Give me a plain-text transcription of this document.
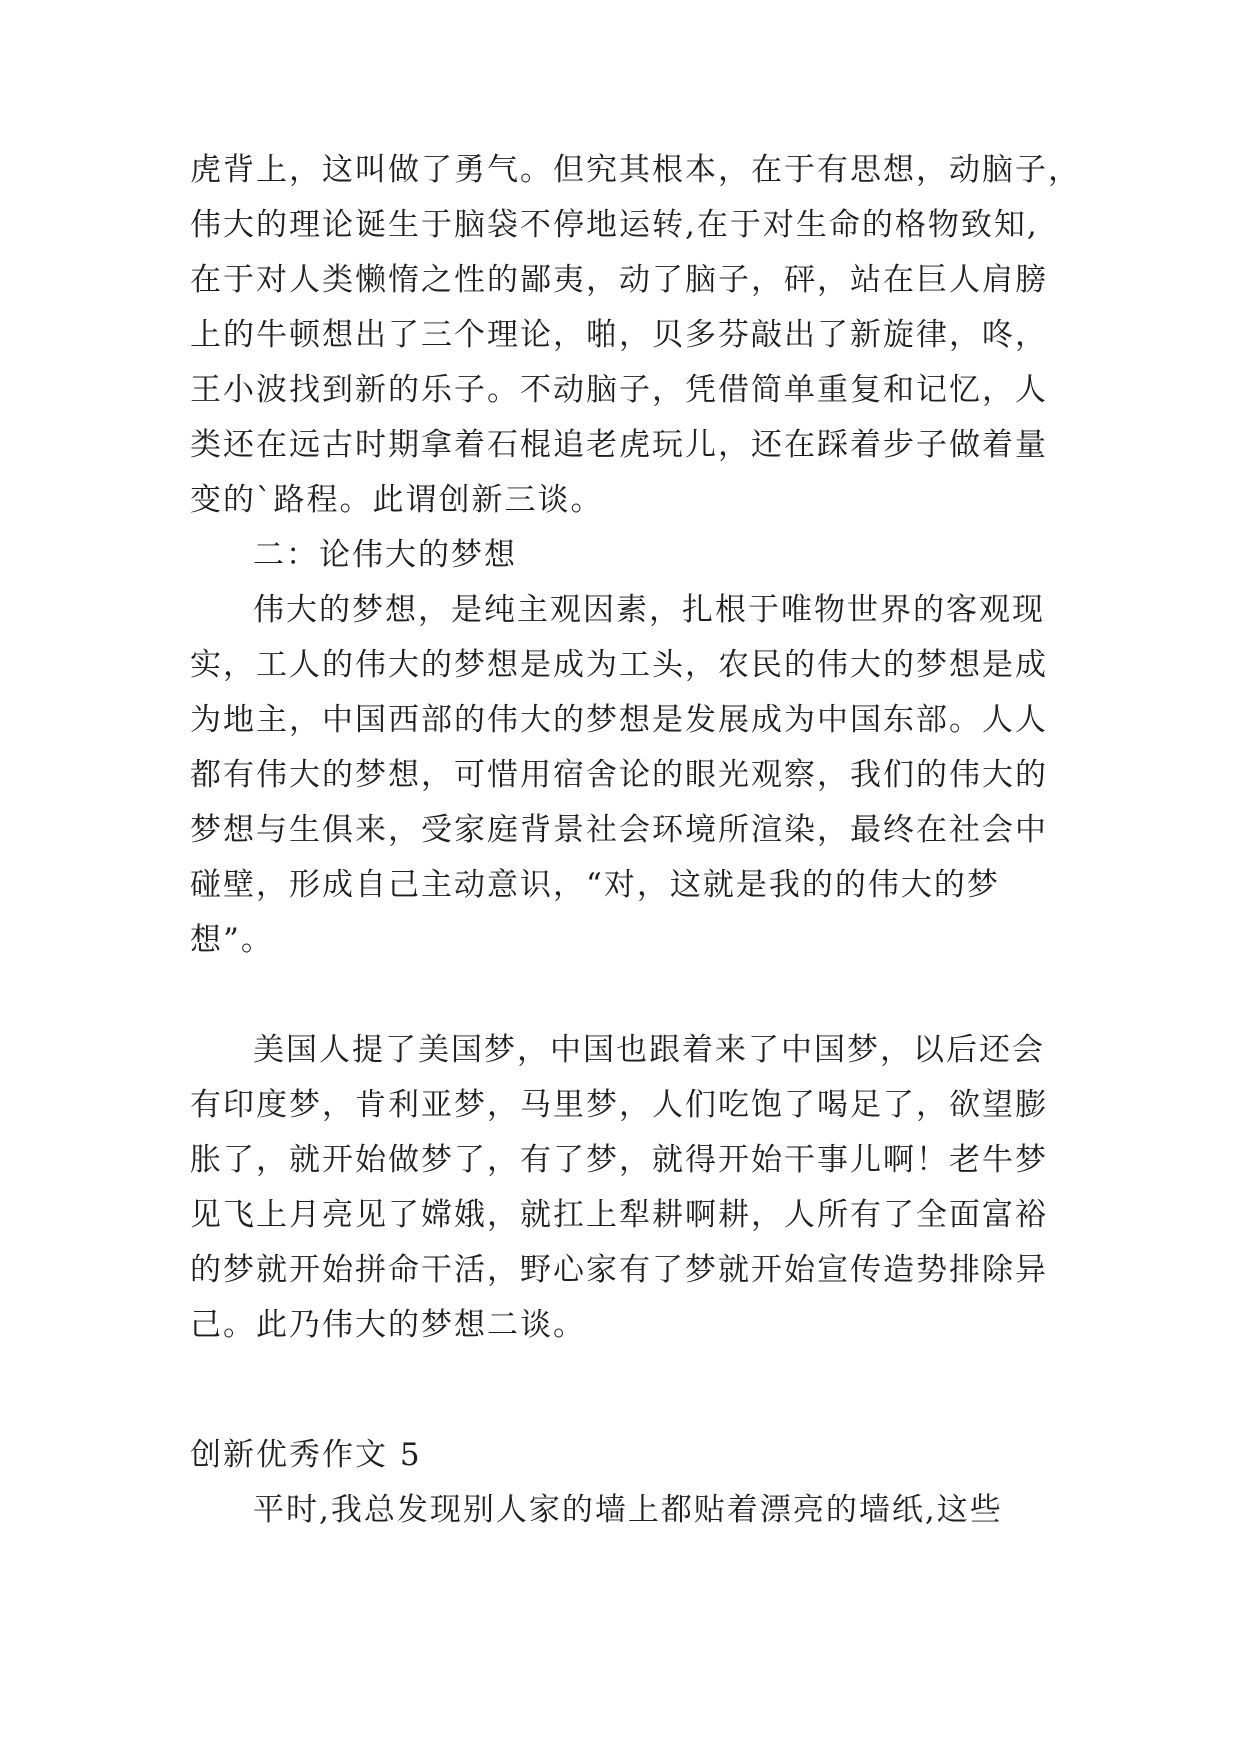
虎背上，这叫做了勇气。但究其根本，在于有思想，动脑子，
伟大的理论诞生于脑袋不停地运转,在于对生命的格物致知,
在于对人类懒惰之性的鄙夷，动了脑子，砰，站在巨人肩膀
上的牛顿想出了三个理论，啪，贝多芬敲出了新旋律，咚，
王小波找到新的乐子。不动脑子，凭借简单重复和记忆，人
类还在远古时期拿着石棍追老虎玩儿，还在踩着步子做着量
变的`路程。此谓创新三谈。
二：论伟大的梦想
伟大的梦想，是纯主观因素，扎根于唯物世界的客观现
实，工人的伟大的梦想是成为工头，农民的伟大的梦想是成
为地主，中国西部的伟大的梦想是发展成为中国东部。人人
都有伟大的梦想，可惜用宿舍论的眼光观察，我们的伟大的
梦想与生俱来，受家庭背景社会环境所渲染，最终在社会中
碰壁，形成自己主动意识，“对，这就是我的的伟大的梦
想”。
美国人提了美国梦，中国也跟着来了中国梦，以后还会
有印度梦，肯利亚梦，马里梦，人们吃饱了喝足了，欲望膨
胀了，就开始做梦了，有了梦，就得开始干事儿啊！老牛梦
见飞上月亮见了嫦娥，就扛上犁耕啊耕，人所有了全面富裕
的梦就开始拼命干活，野心家有了梦就开始宣传造势排除异
己。此乃伟大的梦想二谈。
创新优秀作文 5
平时,我总发现别人家的墙上都贴着漂亮的墙纸,这些
